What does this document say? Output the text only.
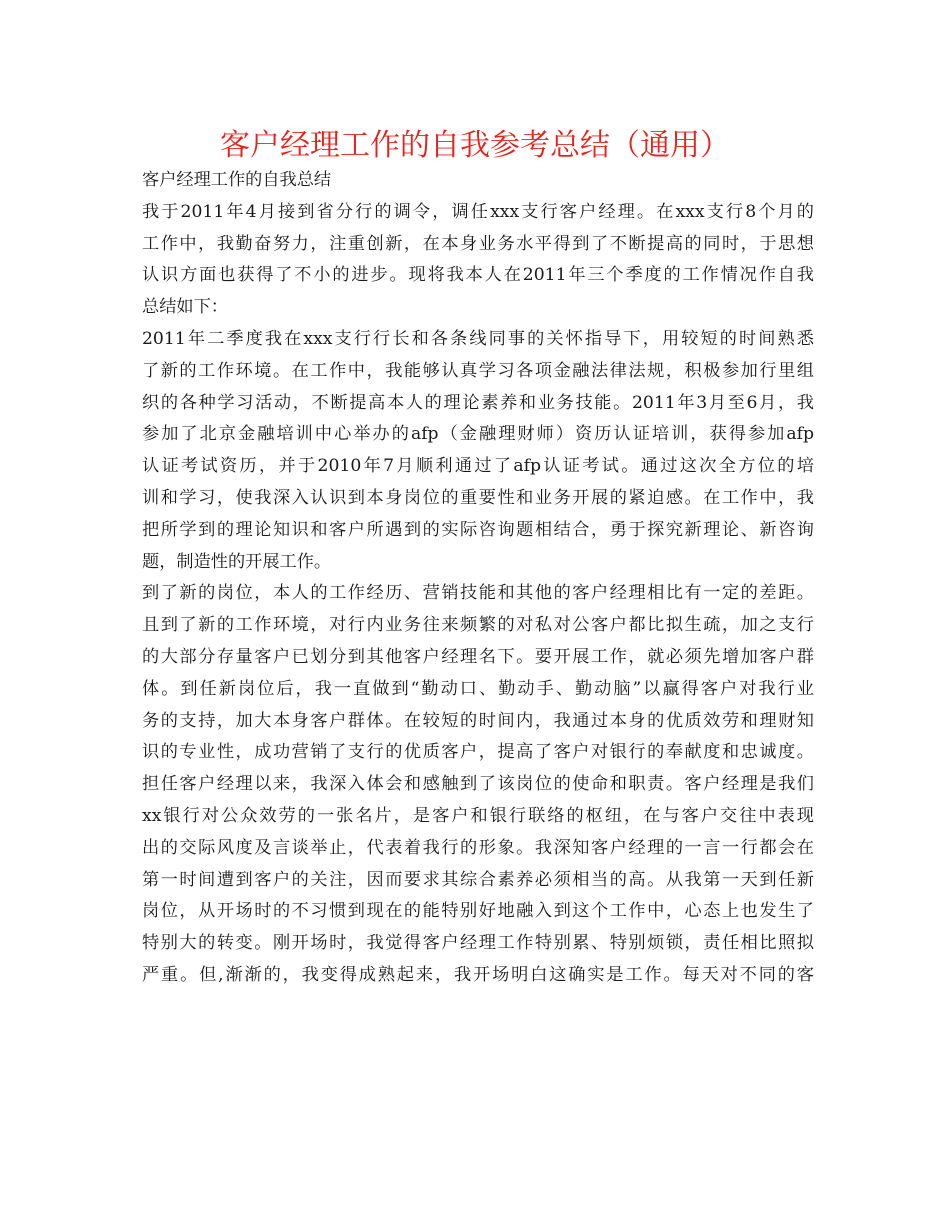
客户经理工作的自我参考总结（通用）
客户经理工作的自我总结
我于2011年4月接到省分行的调令，调任xxx支行客户经理。在xxx支行8个月的
工作中，我勤奋努力，注重创新，在本身业务水平得到了不断提高的同时，于思想
认识方面也获得了不小的进步。现将我本人在2011年三个季度的工作情况作自我
总结如下：
2011年二季度我在xxx支行行长和各条线同事的关怀指导下，用较短的时间熟悉
了新的工作环境。在工作中，我能够认真学习各项金融法律法规，积极参加行里组
织的各种学习活动，不断提高本人的理论素养和业务技能。2011年3月至6月，我
参加了北京金融培训中心举办的afp（金融理财师）资历认证培训，获得参加afp
认证考试资历，并于2010年7月顺利通过了afp认证考试。通过这次全方位的培
训和学习，使我深入认识到本身岗位的重要性和业务开展的紧迫感。在工作中，我
把所学到的理论知识和客户所遇到的实际咨询题相结合，勇于探究新理论、新咨询
题，制造性的开展工作。
到了新的岗位，本人的工作经历、营销技能和其他的客户经理相比有一定的差距。
且到了新的工作环境，对行内业务往来频繁的对私对公客户都比拟生疏，加之支行
的大部分存量客户已划分到其他客户经理名下。要开展工作，就必须先增加客户群
体。到任新岗位后，我一直做到“勤动口、勤动手、勤动脑”以赢得客户对我行业
务的支持，加大本身客户群体。在较短的时间内，我通过本身的优质效劳和理财知
识的专业性，成功营销了支行的优质客户，提高了客户对银行的奉献度和忠诚度。
担任客户经理以来，我深入体会和感触到了该岗位的使命和职责。客户经理是我们
xx银行对公众效劳的一张名片，是客户和银行联络的枢纽，在与客户交往中表现
出的交际风度及言谈举止，代表着我行的形象。我深知客户经理的一言一行都会在
第一时间遭到客户的关注，因而要求其综合素养必须相当的高。从我第一天到任新
岗位，从开场时的不习惯到现在的能特别好地融入到这个工作中，心态上也发生了
特别大的转变。刚开场时，我觉得客户经理工作特别累、特别烦锁，责任相比照拟
严重。但,渐渐的，我变得成熟起来，我开场明白这确实是工作。每天对不同的客
